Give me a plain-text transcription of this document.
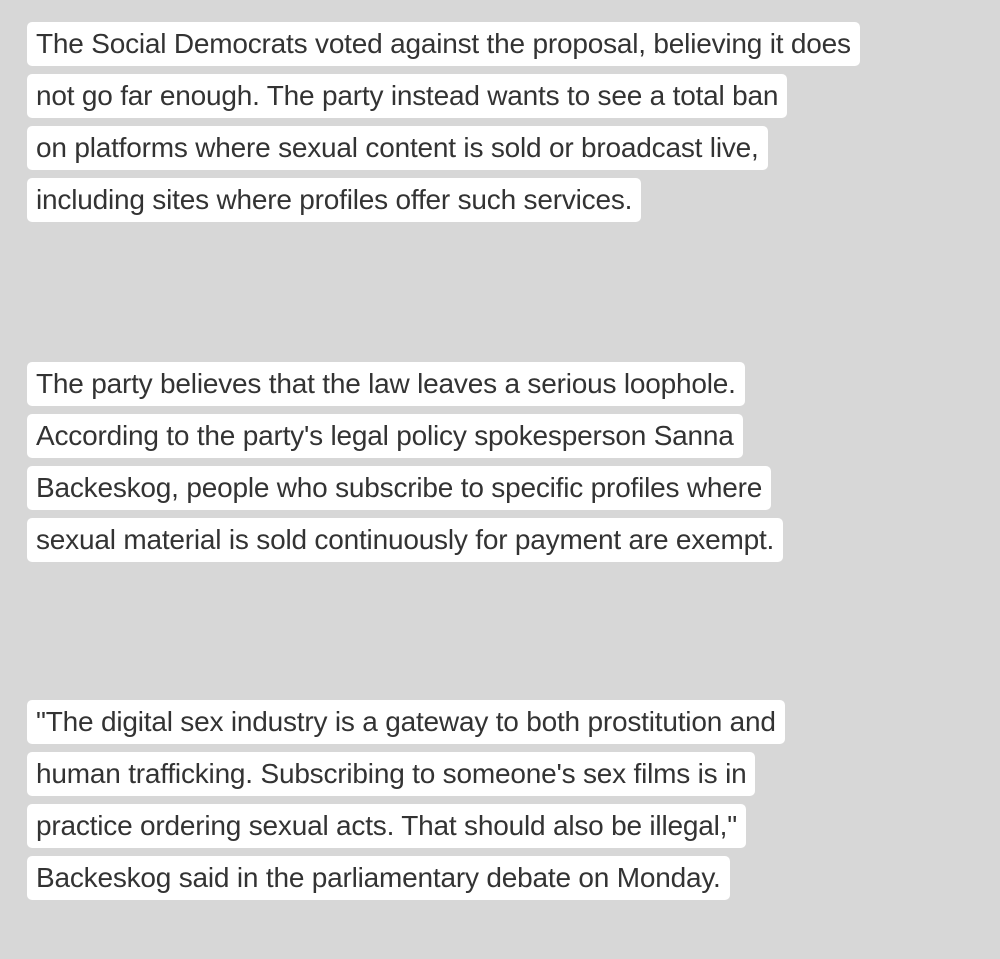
The Social Democrats voted against the proposal, believing it does
not go far enough. The party instead wants to see a total ban
on platforms where sexual content is sold or broadcast live,
including sites where profiles offer such services.
The party believes that the law leaves a serious loophole.
According to the party's legal policy spokesperson Sanna
Backeskog, people who subscribe to specific profiles where
sexual material is sold continuously for payment are exempt.
"The digital sex industry is a gateway to both prostitution and
human trafficking. Subscribing to someone's sex films is in
practice ordering sexual acts. That should also be illegal,"
Backeskog said in the parliamentary debate on Monday.
